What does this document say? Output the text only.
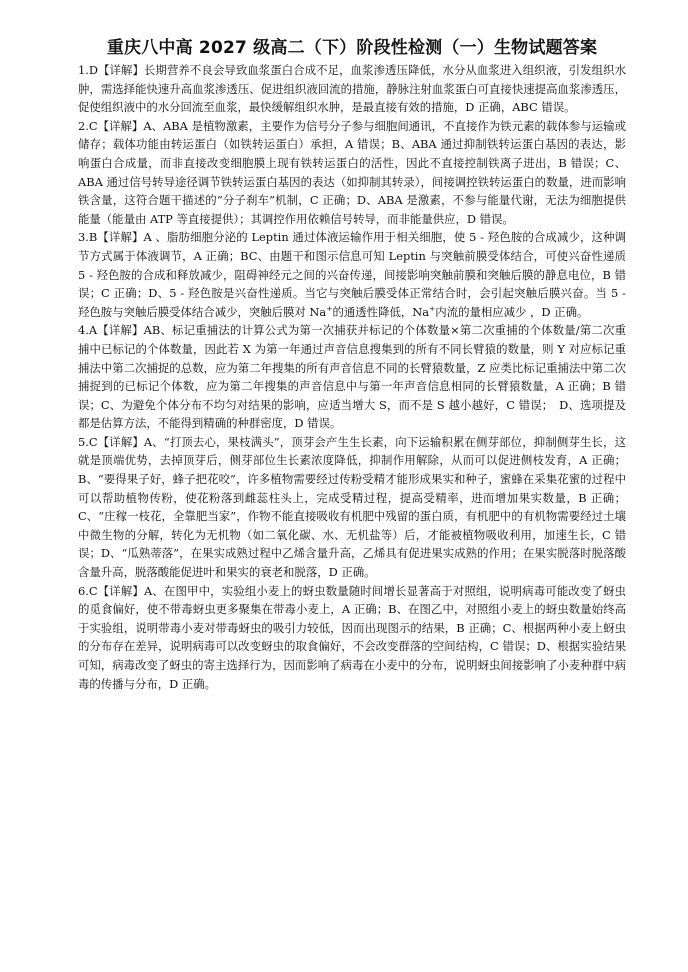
重庆八中高 2027 级高二（下）阶段性检测（一）生物试题答案

1.D【详解】长期营养不良会导致血浆蛋白合成不足，血浆渗透压降低，水分从血浆进入组织液，引发组织水肿，需选择能快速升高血浆渗透压、促进组织液回流的措施，静脉注射血浆蛋白可直接快速提高血浆渗透压，促使组织液中的水分回流至血浆，最快缓解组织水肿，是最直接有效的措施，D 正确，ABC 错误。

2.C【详解】A、ABA 是植物激素，主要作为信号分子参与细胞间通讯，不直接作为铁元素的载体参与运输或储存；载体功能由转运蛋白（如铁转运蛋白）承担，A 错误；B、ABA 通过抑制铁转运蛋白基因的表达，影响蛋白合成量，而非直接改变细胞膜上现有铁转运蛋白的活性，因此不直接控制铁离子进出，B 错误；C、ABA 通过信号转导途径调节铁转运蛋白基因的表达（如抑制其转录），间接调控铁转运蛋白的数量，进而影响铁含量，这符合题干描述的“分子刹车”机制，C 正确；D、ABA 是激素，不参与能量代谢，无法为细胞提供能量（能量由 ATP 等直接提供）；其调控作用依赖信号转导，而非能量供应，D 错误。

3.B【详解】A 、脂肪细胞分泌的 Leptin 通过体液运输作用于相关细胞，使 5 - 羟色胺的合成减少，这种调节方式属于体液调节，A 正确；BC、由题干和图示信息可知 Leptin 与突触前膜受体结合，可使兴奋性递质 5 - 羟色胺的合成和释放减少，阻碍神经元之间的兴奋传递，间接影响突触前膜和突触后膜的静息电位，B 错误；C 正确；D、5 - 羟色胺是兴奋性递质。当它与突触后膜受体正常结合时，会引起突触后膜兴奋。当 5 - 羟色胺与突触后膜受体结合减少，突触后膜对 Na+的通透性降低，Na+内流的量相应减少 ，D 正确。

4.A【详解】AB、标记重捕法的计算公式为第一次捕获并标记的个体数量×第二次重捕的个体数量/第二次重捕中已标记的个体数量，因此若 X 为第一年通过声音信息搜集到的所有不同长臂猿的数量，则 Y 对应标记重捕法中第二次捕捉的总数，应为第二年搜集的所有声音信息不同的长臂猿数量，Z 应类比标记重捕法中第二次捕捉到的已标记个体数，应为第二年搜集的声音信息中与第一年声音信息相同的长臂猿数量，A 正确；B 错误；C、为避免个体分布不均匀对结果的影响，应适当增大 S，而不是 S 越小越好，C 错误；　D、选项提及都是估算方法，不能得到精确的种群密度，D 错误。

5.C【详解】A、“打顶去心，果枝满头”，顶芽会产生生长素，向下运输积累在侧芽部位，抑制侧芽生长，这就是顶端优势，去掉顶芽后，侧芽部位生长素浓度降低，抑制作用解除，从而可以促进侧枝发育，A 正确；B、“要得果子好，蜂子把花咬”，许多植物需要经过传粉受精才能形成果实和种子，蜜蜂在采集花蜜的过程中可以帮助植物传粉，使花粉落到雌蕊柱头上，完成受精过程，提高受精率，进而增加果实数量，B 正确；C、“庄稼一枝花，全靠肥当家”，作物不能直接吸收有机肥中残留的蛋白质，有机肥中的有机物需要经过土壤中微生物的分解，转化为无机物（如二氧化碳、水、无机盐等）后，才能被植物吸收利用，加速生长，C 错误；D、“瓜熟蒂落”，在果实成熟过程中乙烯含量升高，乙烯具有促进果实成熟的作用；在果实脱落时脱落酸含量升高，脱落酸能促进叶和果实的衰老和脱落，D 正确。

6.C【详解】A、在图甲中，实验组小麦上的蚜虫数量随时间增长显著高于对照组，说明病毒可能改变了蚜虫的觅食偏好，使不带毒蚜虫更多聚集在带毒小麦上，A 正确；B、在图乙中，对照组小麦上的蚜虫数量始终高于实验组，说明带毒小麦对带毒蚜虫的吸引力较低，因而出现图示的结果，B 正确；C、根据两种小麦上蚜虫的分布存在差异，说明病毒可以改变蚜虫的取食偏好，不会改变群落的空间结构，C 错误；D、根据实验结果可知，病毒改变了蚜虫的寄主选择行为，因而影响了病毒在小麦中的分布，说明蚜虫间接影响了小麦种群中病毒的传播与分布，D 正确。
